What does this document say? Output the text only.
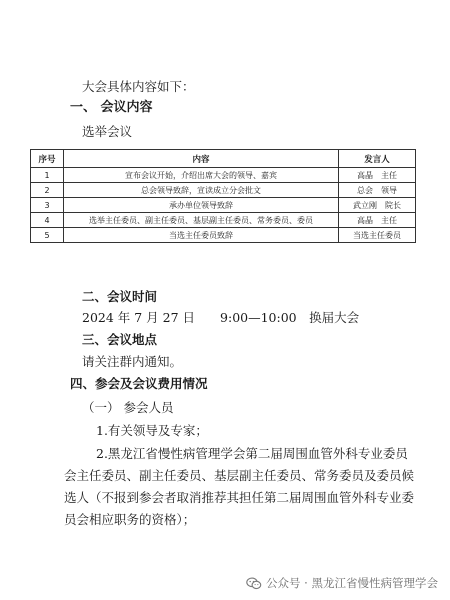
大会具体内容如下：
一、 会议内容
选举会议
序号	内容	发言人
1	宣布会议开始，介绍出席大会的领导、嘉宾	高晶　主任
2	总会领导致辞，宣读成立分会批文	总会　领导
3	承办单位领导致辞	武立刚　院长
4	选举主任委员、副主任委员、基层副主任委员、常务委员、委员	高晶　主任
5	当选主任委员致辞	当选主任委员
二、会议时间
2024 年 7 月 27 日　　9:00—10:00　换届大会
三、会议地点
请关注群内通知。
四、参会及会议费用情况
（一） 参会人员
1.有关领导及专家；
2.黑龙江省慢性病管理学会第二届周围血管外科专业委员
会主任委员、副主任委员、基层副主任委员、常务委员及委员候
选人（不报到参会者取消推荐其担任第二届周围血管外科专业委
员会相应职务的资格）；
公众号 · 黑龙江省慢性病管理学会
